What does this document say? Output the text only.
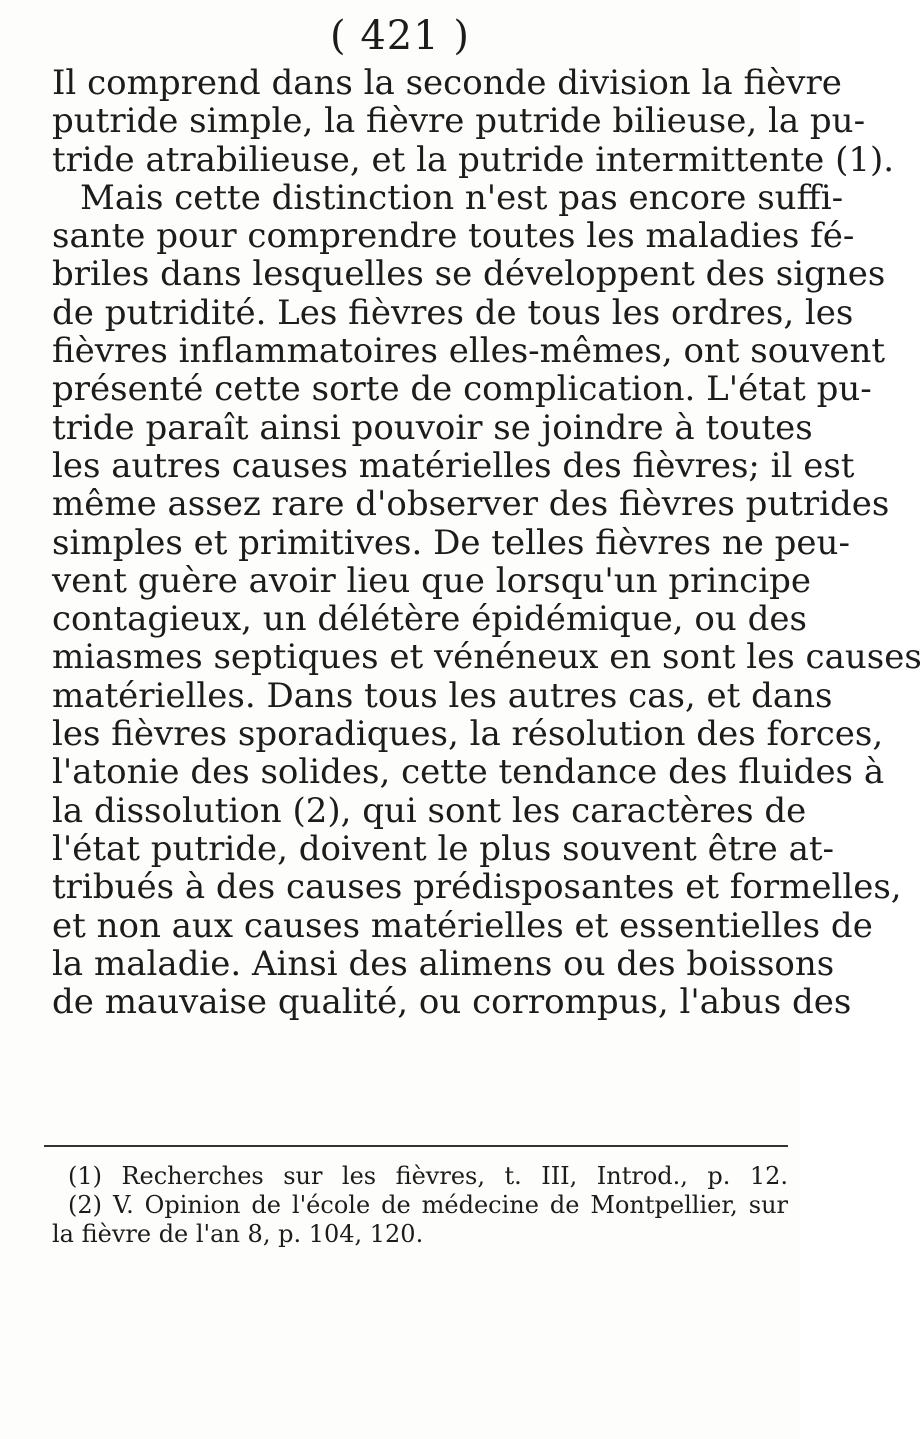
( 421 )
Il comprend dans la seconde division la fièvre
putride simple, la fièvre putride bilieuse, la pu-
tride atrabilieuse, et la putride intermittente (1).
Mais cette distinction n'est pas encore suffi-
sante pour comprendre toutes les maladies fé-
briles dans lesquelles se développent des signes
de putridité. Les fièvres de tous les ordres, les
fièvres inflammatoires elles-mêmes, ont souvent
présenté cette sorte de complication. L'état pu-
tride paraît ainsi pouvoir se joindre à toutes
les autres causes matérielles des fièvres; il est
même assez rare d'observer des fièvres putrides
simples et primitives. De telles fièvres ne peu-
vent guère avoir lieu que lorsqu'un principe
contagieux, un délétère épidémique, ou des
miasmes septiques et vénéneux en sont les causes
matérielles. Dans tous les autres cas, et dans
les fièvres sporadiques, la résolution des forces,
l'atonie des solides, cette tendance des fluides à
la dissolution (2), qui sont les caractères de
l'état putride, doivent le plus souvent être at-
tribués à des causes prédisposantes et formelles,
et non aux causes matérielles et essentielles de
la maladie. Ainsi des alimens ou des boissons
de mauvaise qualité, ou corrompus, l'abus des
(1) Recherches sur les fièvres, t. III, Introd., p. 12.
(2) V. Opinion de l'école de médecine de Montpellier, sur
la fièvre de l'an 8, p. 104, 120.
